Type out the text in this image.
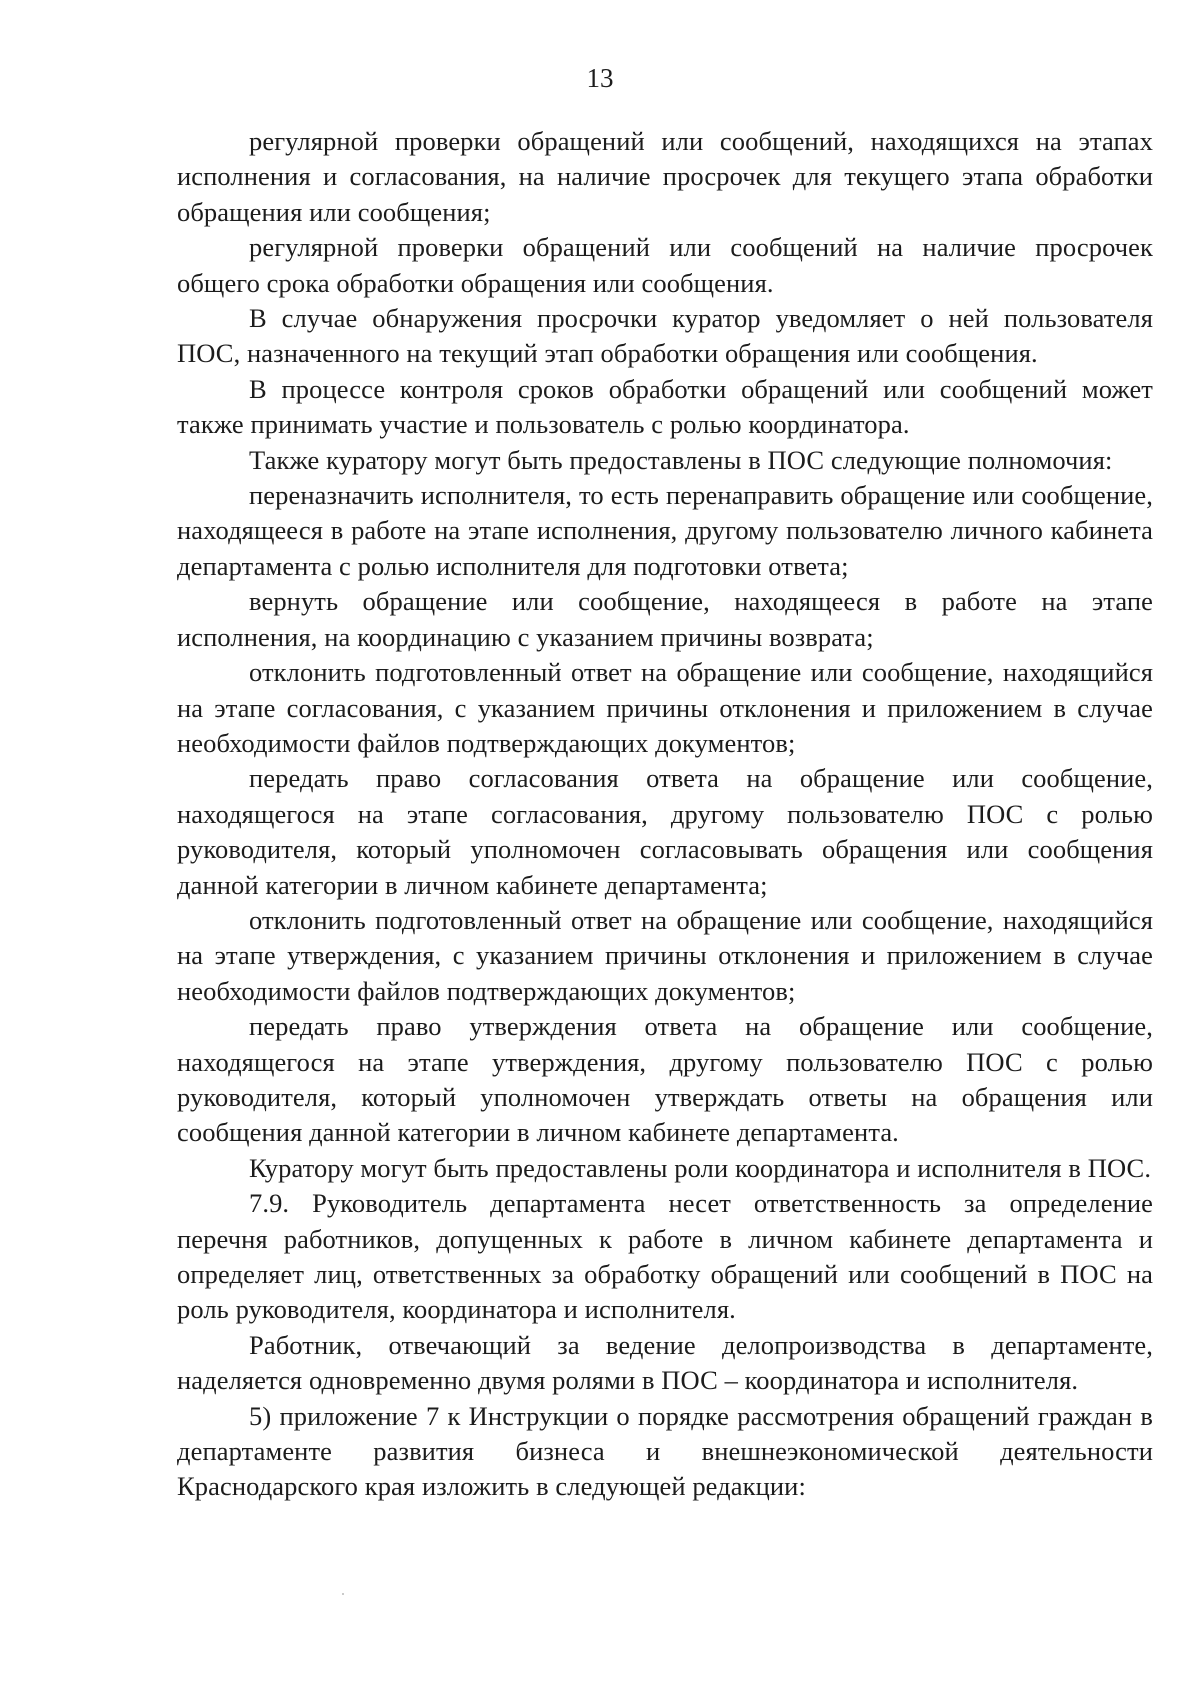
13

регулярной проверки обращений или сообщений, находящихся на этапах исполнения и согласования, на наличие просрочек для текущего этапа обработки обращения или сообщения;

регулярной проверки обращений или сообщений на наличие просрочек общего срока обработки обращения или сообщения.

В случае обнаружения просрочки куратор уведомляет о ней пользователя ПОС, назначенного на текущий этап обработки обращения или сообщения.

В процессе контроля сроков обработки обращений или сообщений может также принимать участие и пользователь с ролью координатора.

Также куратору могут быть предоставлены в ПОС следующие полномочия:

переназначить исполнителя, то есть перенаправить обращение или сообщение, находящееся в работе на этапе исполнения, другому пользователю личного кабинета департамента с ролью исполнителя для подготовки ответа;

вернуть обращение или сообщение, находящееся в работе на этапе исполнения, на координацию с указанием причины возврата;

отклонить подготовленный ответ на обращение или сообщение, находящийся на этапе согласования, с указанием причины отклонения и приложением в случае необходимости файлов подтверждающих документов;

передать право согласования ответа на обращение или сообщение, находящегося на этапе согласования, другому пользователю ПОС с ролью руководителя, который уполномочен согласовывать обращения или сообщения данной категории в личном кабинете департамента;

отклонить подготовленный ответ на обращение или сообщение, находящийся на этапе утверждения, с указанием причины отклонения и приложением в случае необходимости файлов подтверждающих документов;

передать право утверждения ответа на обращение или сообщение, находящегося на этапе утверждения, другому пользователю ПОС с ролью руководителя, который уполномочен утверждать ответы на обращения или сообщения данной категории в личном кабинете департамента.

Куратору могут быть предоставлены роли координатора и исполнителя в ПОС.

7.9. Руководитель департамента несет ответственность за определение перечня работников, допущенных к работе в личном кабинете департамента и определяет лиц, ответственных за обработку обращений или сообщений в ПОС на роль руководителя, координатора и исполнителя.

Работник, отвечающий за ведение делопроизводства в департаменте, наделяется одновременно двумя ролями в ПОС – координатора и исполнителя.

5) приложение 7 к Инструкции о порядке рассмотрения обращений граждан в департаменте развития бизнеса и внешнеэкономической деятельности Краснодарского края изложить в следующей редакции:
